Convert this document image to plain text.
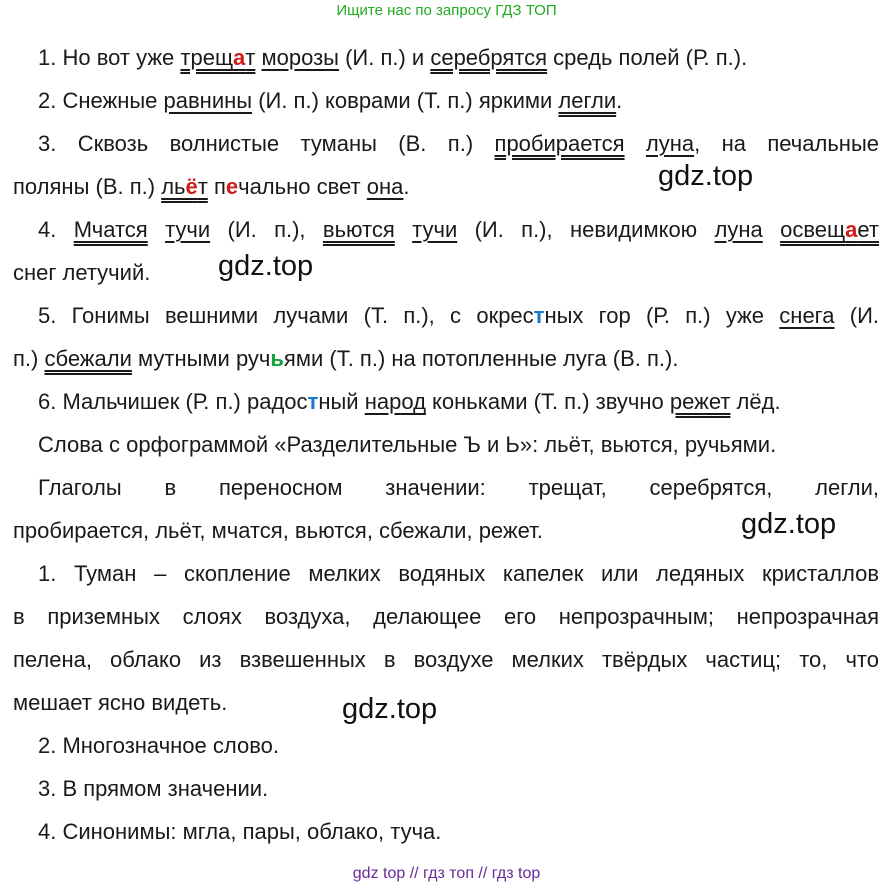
Ищите нас по запросу ГДЗ ТОП
1. Но вот уже трещат морозы (И. п.) и серебрятся средь полей (Р. п.).
2. Снежные равнины (И. п.) коврами (Т. п.) яркими легли.
3. Сквозь волнистые туманы (В. п.) пробирается луна, на печальные
поляны (В. п.) льёт печально свет она.
4. Мчатся тучи (И. п.), вьются тучи (И. п.), невидимкою луна освещает
снег летучий.
5. Гонимы вешними лучами (Т. п.), с окрестных гор (Р. п.) уже снега (И.
п.) сбежали мутными ручьями (Т. п.) на потопленные луга (В. п.).
6. Мальчишек (Р. п.) радостный народ коньками (Т. п.) звучно режет лёд.
Слова с орфограммой «Разделительные Ъ и Ь»: льёт, вьются, ручьями.
Глаголы в переносном значении: трещат, серебрятся, легли,
пробирается, льёт, мчатся, вьются, сбежали, режет.
1. Туман – скопление мелких водяных капелек или ледяных кристаллов
в приземных слоях воздуха, делающее его непрозрачным; непрозрачная
пелена, облако из взвешенных в воздухе мелких твёрдых частиц; то, что
мешает ясно видеть.
2. Многозначное слово.
3. В прямом значении.
4. Синонимы: мгла, пары, облако, туча.
gdz.top
gdz.top
gdz.top
gdz.top
gdz top // гдз топ // гдз top
